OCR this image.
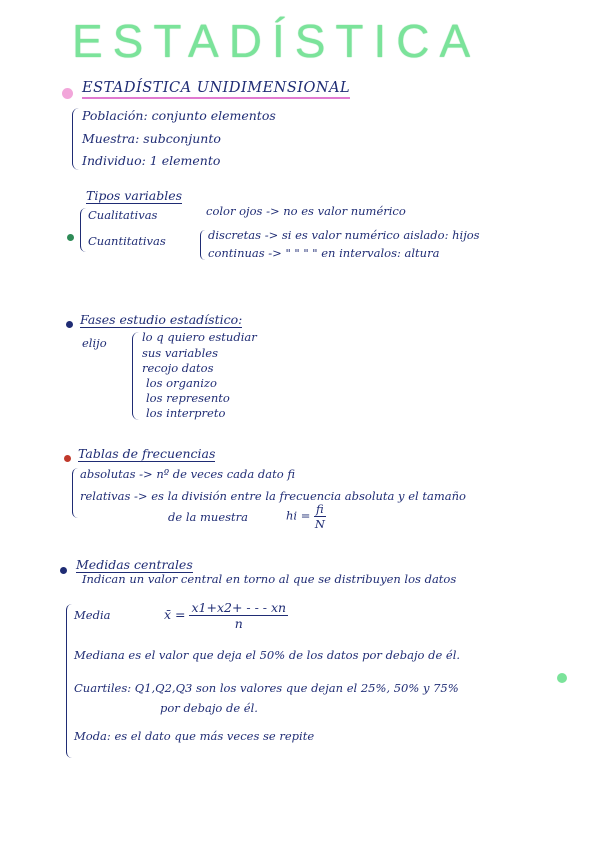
ESTADÍSTICA
ESTADÍSTICA UNIDIMENSIONAL
Población: conjunto elementos
Muestra: subconjunto
Individuo: 1 elemento
Tipos variables
Cualitativas	color ojos -> no es valor numérico
Cuantitativas	discretas -> si es valor numérico aislado: hijos
continuas -> " " " " en intervalos: altura
Fases estudio estadístico:
elijo	lo q quiero estudiar
sus variables
recojo datos
los organizo
los represento
los interpreto
Tablas de frecuencias
absolutas -> nº de veces cada dato fi
relativas -> es la división entre la frecuencia absoluta y el tamaño
de la muestra	hi = $\frac{fi}{N}$
Medidas centrales
Indican un valor central en torno al que se distribuyen los datos
Media	x̄ = $\frac{x1+x2+ - - - xn}{n}$
Mediana es el valor que deja el 50% de los datos por debajo de él.
Cuartiles: Q1,Q2,Q3 son los valores que dejan el 25%, 50% y 75%
por debajo de él.
Moda: es el dato que más veces se repite
